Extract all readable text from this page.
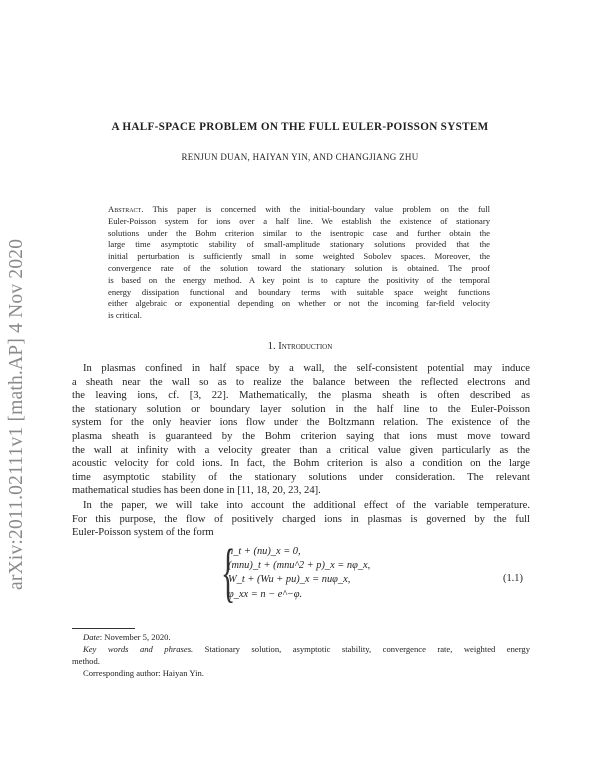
arXiv:2011.02111v1 [math.AP] 4 Nov 2020
A HALF-SPACE PROBLEM ON THE FULL EULER-POISSON SYSTEM
RENJUN DUAN, HAIYAN YIN, AND CHANGJIANG ZHU
Abstract. This paper is concerned with the initial-boundary value problem on the full
Euler-Poisson system for ions over a half line. We establish the existence of stationary
solutions under the Bohm criterion similar to the isentropic case and further obtain the
large time asymptotic stability of small-amplitude stationary solutions provided that the
initial perturbation is sufficiently small in some weighted Sobolev spaces. Moreover, the
convergence rate of the solution toward the stationary solution is obtained. The proof
is based on the energy method. A key point is to capture the positivity of the temporal
energy dissipation functional and boundary terms with suitable space weight functions
either algebraic or exponential depending on whether or not the incoming far-field velocity
is critical.
1. Introduction
In plasmas confined in half space by a wall, the self-consistent potential may induce
a sheath near the wall so as to realize the balance between the reflected electrons and
the leaving ions, cf. [3, 22]. Mathematically, the plasma sheath is often described as
the stationary solution or boundary layer solution in the half line to the Euler-Poisson
system for the only heavier ions flow under the Boltzmann relation. The existence of the
plasma sheath is guaranteed by the Bohm criterion saying that ions must move toward
the wall at infinity with a velocity greater than a critical value given particularly as the
acoustic velocity for cold ions. In fact, the Bohm criterion is also a condition on the large
time asymptotic stability of the stationary solutions under consideration. The relevant
mathematical studies has been done in [11, 18, 20, 23, 24].
In the paper, we will take into account the additional effect of the variable temperature.
For this purpose, the flow of positively charged ions in plasmas is governed by the full
Euler-Poisson system of the form
{
n_t + (nu)_x = 0,
(mnu)_t + (mnu^2 + p)_x = nφ_x,
W_t + (Wu + pu)_x = nuφ_x,
φ_xx = n − e^−φ.
(1.1)
Date: November 5, 2020.
Key words and phrases. Stationary solution, asymptotic stability, convergence rate, weighted energy
method.
Corresponding author: Haiyan Yin.
